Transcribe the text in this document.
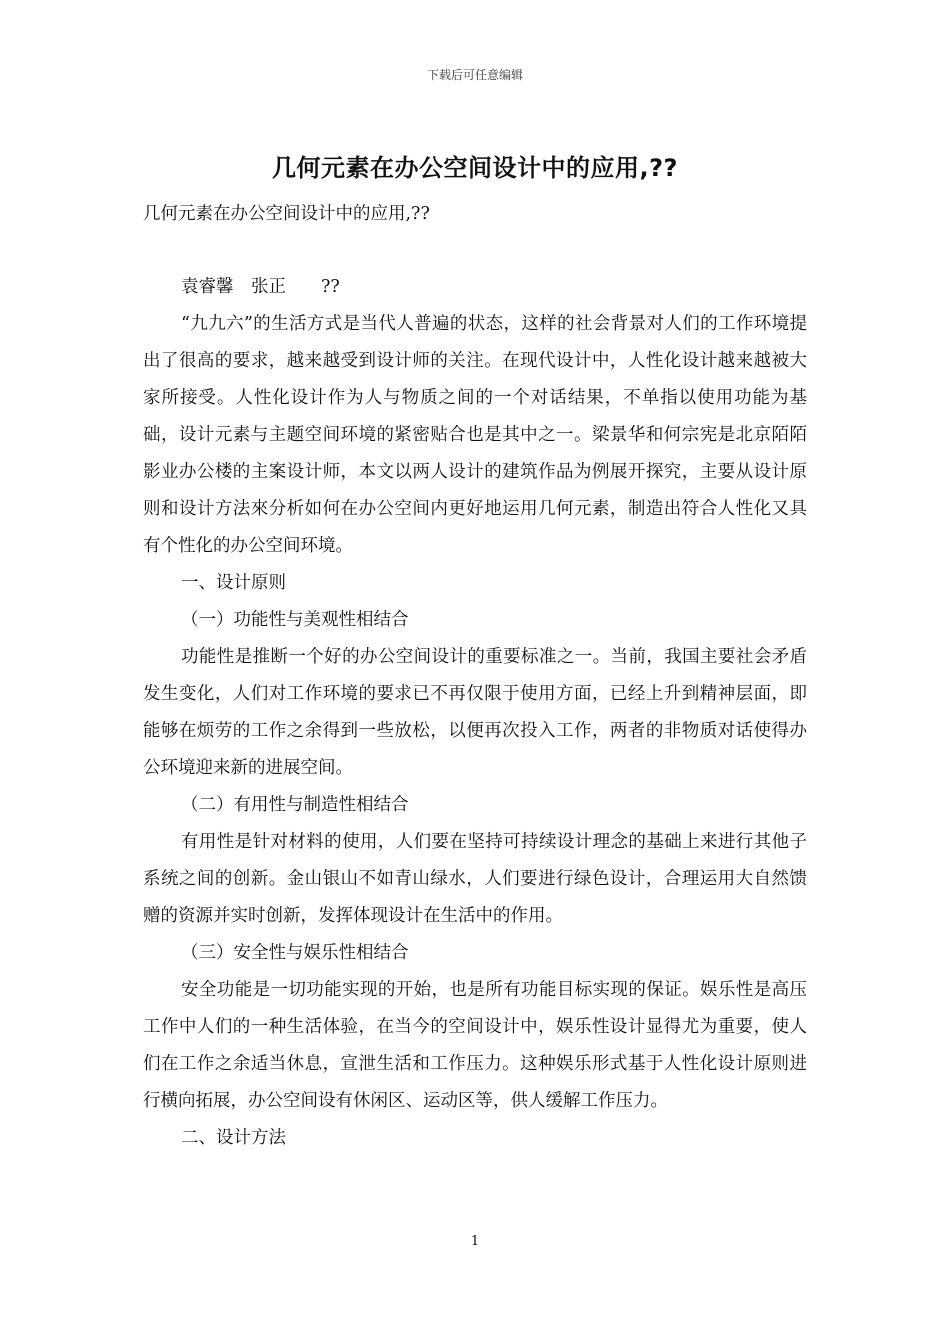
下载后可任意编辑
几何元素在办公空间设计中的应用,??

几何元素在办公空间设计中的应用,??

袁睿馨　张正　　??

“九九六”的生活方式是当代人普遍的状态，这样的社会背景对人们的工作环境提出了很高的要求，越来越受到设计师的关注。在现代设计中，人性化设计越来越被大家所接受。人性化设计作为人与物质之间的一个对话结果，不单指以使用功能为基础，设计元素与主题空间环境的紧密贴合也是其中之一。梁景华和何宗宪是北京陌陌影业办公楼的主案设计师，本文以两人设计的建筑作品为例展开探究，主要从设计原则和设计方法來分析如何在办公空间内更好地运用几何元素，制造出符合人性化又具有个性化的办公空间环境。

一、设计原则

（一）功能性与美观性相结合

功能性是推断一个好的办公空间设计的重要标准之一。当前，我国主要社会矛盾发生变化，人们对工作环境的要求已不再仅限于使用方面，已经上升到精神层面，即能够在烦劳的工作之余得到一些放松，以便再次投入工作，两者的非物质对话使得办公环境迎来新的进展空间。

（二）有用性与制造性相结合

有用性是针对材料的使用，人们要在坚持可持续设计理念的基础上来进行其他子系统之间的创新。金山银山不如青山绿水，人们要进行绿色设计，合理运用大自然馈赠的资源并实时创新，发挥体现设计在生活中的作用。

（三）安全性与娱乐性相结合

安全功能是一切功能实现的开始，也是所有功能目标实现的保证。娱乐性是高压工作中人们的一种生活体验，在当今的空间设计中，娱乐性设计显得尤为重要，使人们在工作之余适当休息，宣泄生活和工作压力。这种娱乐形式基于人性化设计原则进行横向拓展，办公空间设有休闲区、运动区等，供人缓解工作压力。

二、设计方法

1
